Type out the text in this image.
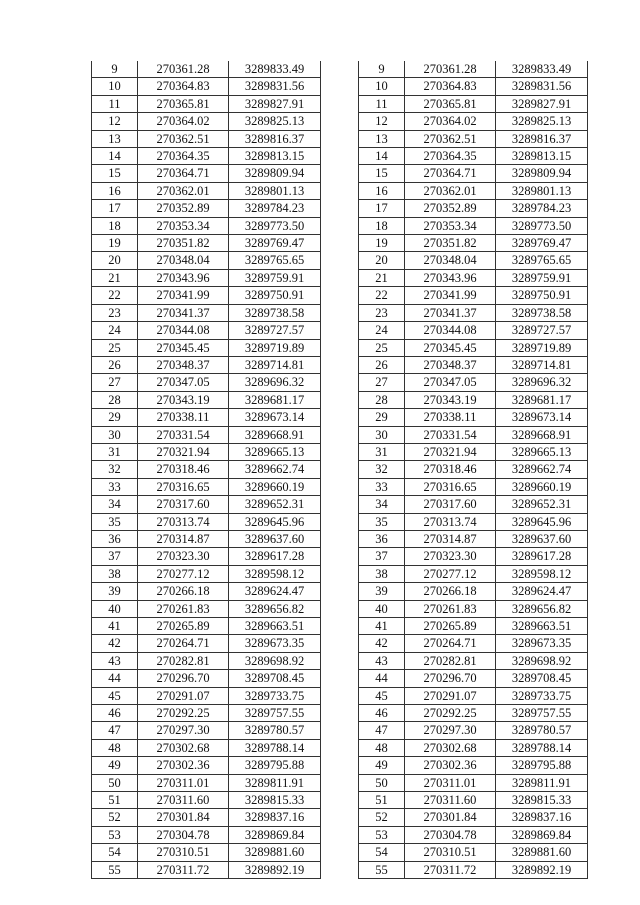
9	270361.28	3289833.49
10	270364.83	3289831.56
11	270365.81	3289827.91
12	270364.02	3289825.13
13	270362.51	3289816.37
14	270364.35	3289813.15
15	270364.71	3289809.94
16	270362.01	3289801.13
17	270352.89	3289784.23
18	270353.34	3289773.50
19	270351.82	3289769.47
20	270348.04	3289765.65
21	270343.96	3289759.91
22	270341.99	3289750.91
23	270341.37	3289738.58
24	270344.08	3289727.57
25	270345.45	3289719.89
26	270348.37	3289714.81
27	270347.05	3289696.32
28	270343.19	3289681.17
29	270338.11	3289673.14
30	270331.54	3289668.91
31	270321.94	3289665.13
32	270318.46	3289662.74
33	270316.65	3289660.19
34	270317.60	3289652.31
35	270313.74	3289645.96
36	270314.87	3289637.60
37	270323.30	3289617.28
38	270277.12	3289598.12
39	270266.18	3289624.47
40	270261.83	3289656.82
41	270265.89	3289663.51
42	270264.71	3289673.35
43	270282.81	3289698.92
44	270296.70	3289708.45
45	270291.07	3289733.75
46	270292.25	3289757.55
47	270297.30	3289780.57
48	270302.68	3289788.14
49	270302.36	3289795.88
50	270311.01	3289811.91
51	270311.60	3289815.33
52	270301.84	3289837.16
53	270304.78	3289869.84
54	270310.51	3289881.60
55	270311.72	3289892.19
9	270361.28	3289833.49
10	270364.83	3289831.56
11	270365.81	3289827.91
12	270364.02	3289825.13
13	270362.51	3289816.37
14	270364.35	3289813.15
15	270364.71	3289809.94
16	270362.01	3289801.13
17	270352.89	3289784.23
18	270353.34	3289773.50
19	270351.82	3289769.47
20	270348.04	3289765.65
21	270343.96	3289759.91
22	270341.99	3289750.91
23	270341.37	3289738.58
24	270344.08	3289727.57
25	270345.45	3289719.89
26	270348.37	3289714.81
27	270347.05	3289696.32
28	270343.19	3289681.17
29	270338.11	3289673.14
30	270331.54	3289668.91
31	270321.94	3289665.13
32	270318.46	3289662.74
33	270316.65	3289660.19
34	270317.60	3289652.31
35	270313.74	3289645.96
36	270314.87	3289637.60
37	270323.30	3289617.28
38	270277.12	3289598.12
39	270266.18	3289624.47
40	270261.83	3289656.82
41	270265.89	3289663.51
42	270264.71	3289673.35
43	270282.81	3289698.92
44	270296.70	3289708.45
45	270291.07	3289733.75
46	270292.25	3289757.55
47	270297.30	3289780.57
48	270302.68	3289788.14
49	270302.36	3289795.88
50	270311.01	3289811.91
51	270311.60	3289815.33
52	270301.84	3289837.16
53	270304.78	3289869.84
54	270310.51	3289881.60
55	270311.72	3289892.19
